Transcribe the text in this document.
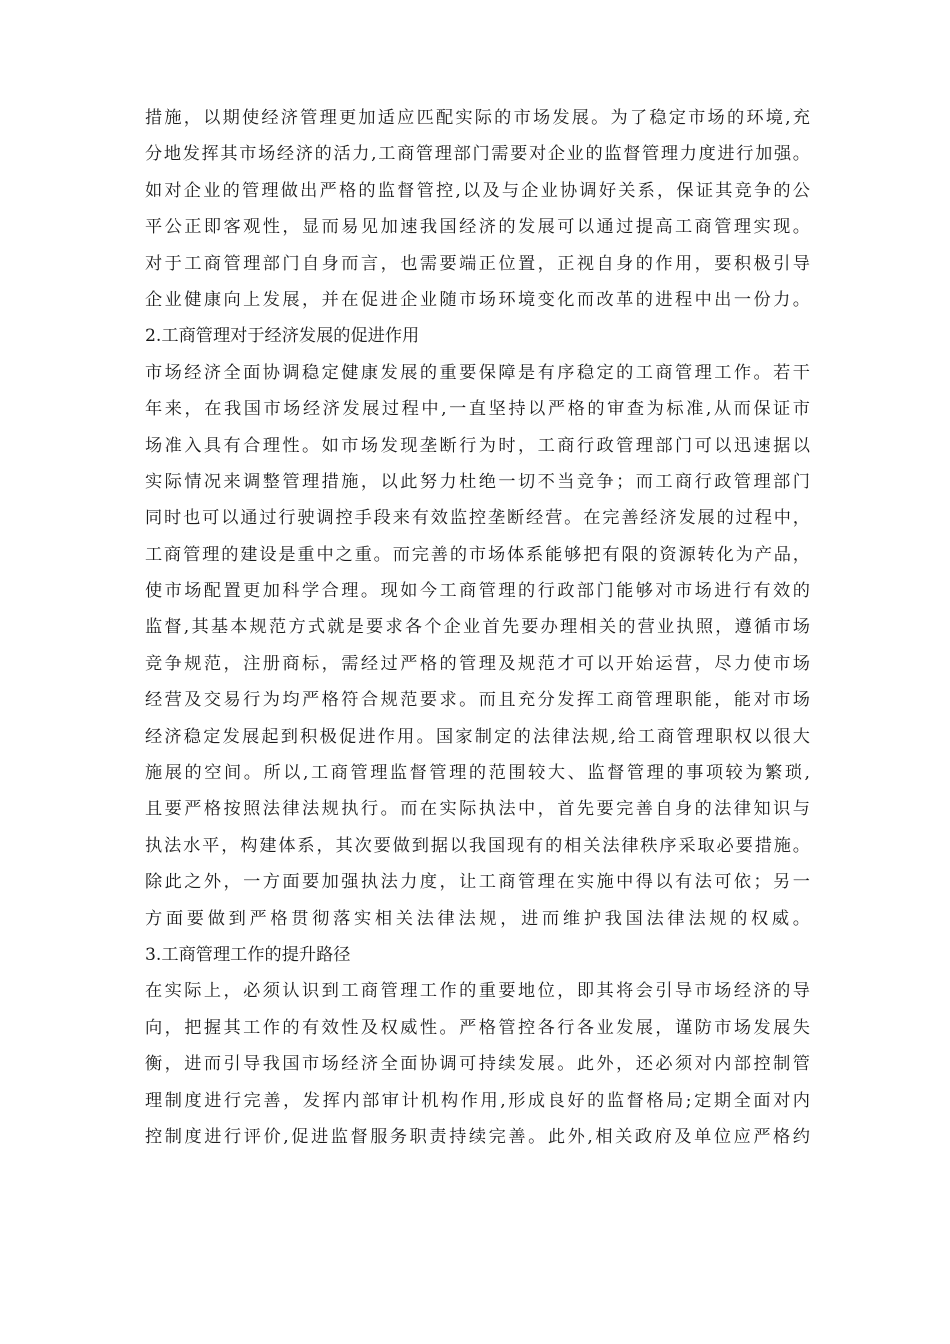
措施，以期使经济管理更加适应匹配实际的市场发展。为了稳定市场的环境,充
分地发挥其市场经济的活力,工商管理部门需要对企业的监督管理力度进行加强。
如对企业的管理做出严格的监督管控,以及与企业协调好关系，保证其竞争的公
平公正即客观性，显而易见加速我国经济的发展可以通过提高工商管理实现。
对于工商管理部门自身而言，也需要端正位置，正视自身的作用，要积极引导
企业健康向上发展，并在促进企业随市场环境变化而改革的进程中出一份力。
2.工商管理对于经济发展的促进作用
市场经济全面协调稳定健康发展的重要保障是有序稳定的工商管理工作。若干
年来，在我国市场经济发展过程中,一直坚持以严格的审查为标准,从而保证市
场准入具有合理性。如市场发现垄断行为时，工商行政管理部门可以迅速据以
实际情况来调整管理措施，以此努力杜绝一切不当竞争；而工商行政管理部门
同时也可以通过行驶调控手段来有效监控垄断经营。在完善经济发展的过程中，
工商管理的建设是重中之重。而完善的市场体系能够把有限的资源转化为产品，
使市场配置更加科学合理。现如今工商管理的行政部门能够对市场进行有效的
监督,其基本规范方式就是要求各个企业首先要办理相关的营业执照，遵循市场
竞争规范，注册商标，需经过严格的管理及规范才可以开始运营，尽力使市场
经营及交易行为均严格符合规范要求。而且充分发挥工商管理职能，能对市场
经济稳定发展起到积极促进作用。国家制定的法律法规,给工商管理职权以很大
施展的空间。所以,工商管理监督管理的范围较大、监督管理的事项较为繁琐,
且要严格按照法律法规执行。而在实际执法中，首先要完善自身的法律知识与
执法水平，构建体系，其次要做到据以我国现有的相关法律秩序采取必要措施。
除此之外，一方面要加强执法力度，让工商管理在实施中得以有法可依；另一
方面要做到严格贯彻落实相关法律法规，进而维护我国法律法规的权威。
3.工商管理工作的提升路径
在实际上，必须认识到工商管理工作的重要地位，即其将会引导市场经济的导
向，把握其工作的有效性及权威性。严格管控各行各业发展，谨防市场发展失
衡，进而引导我国市场经济全面协调可持续发展。此外，还必须对内部控制管
理制度进行完善，发挥内部审计机构作用,形成良好的监督格局;定期全面对内
控制度进行评价,促进监督服务职责持续完善。此外,相关政府及单位应严格约
